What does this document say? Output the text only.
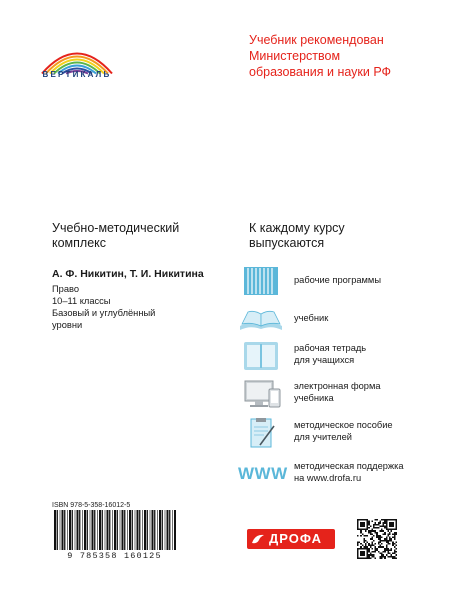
ВЕРТИКАЛЬ
Учебник рекомендован
Министерством
образования и науки РФ
Учебно-методический
комплекс
А. Ф. Никитин, Т. И. Никитина
Право
10–11 классы
Базовый и углублённый
уровни
К каждому курсу
выпускаются
рабочие программы
учебник
рабочая тетрадь
для учащихся
электронная форма
учебника
методическое пособие
для учителей
WWW методическая поддержка
на www.drofa.ru
ISBN 978-5-358-16012-5
9 785358 160125
ДРОФА
